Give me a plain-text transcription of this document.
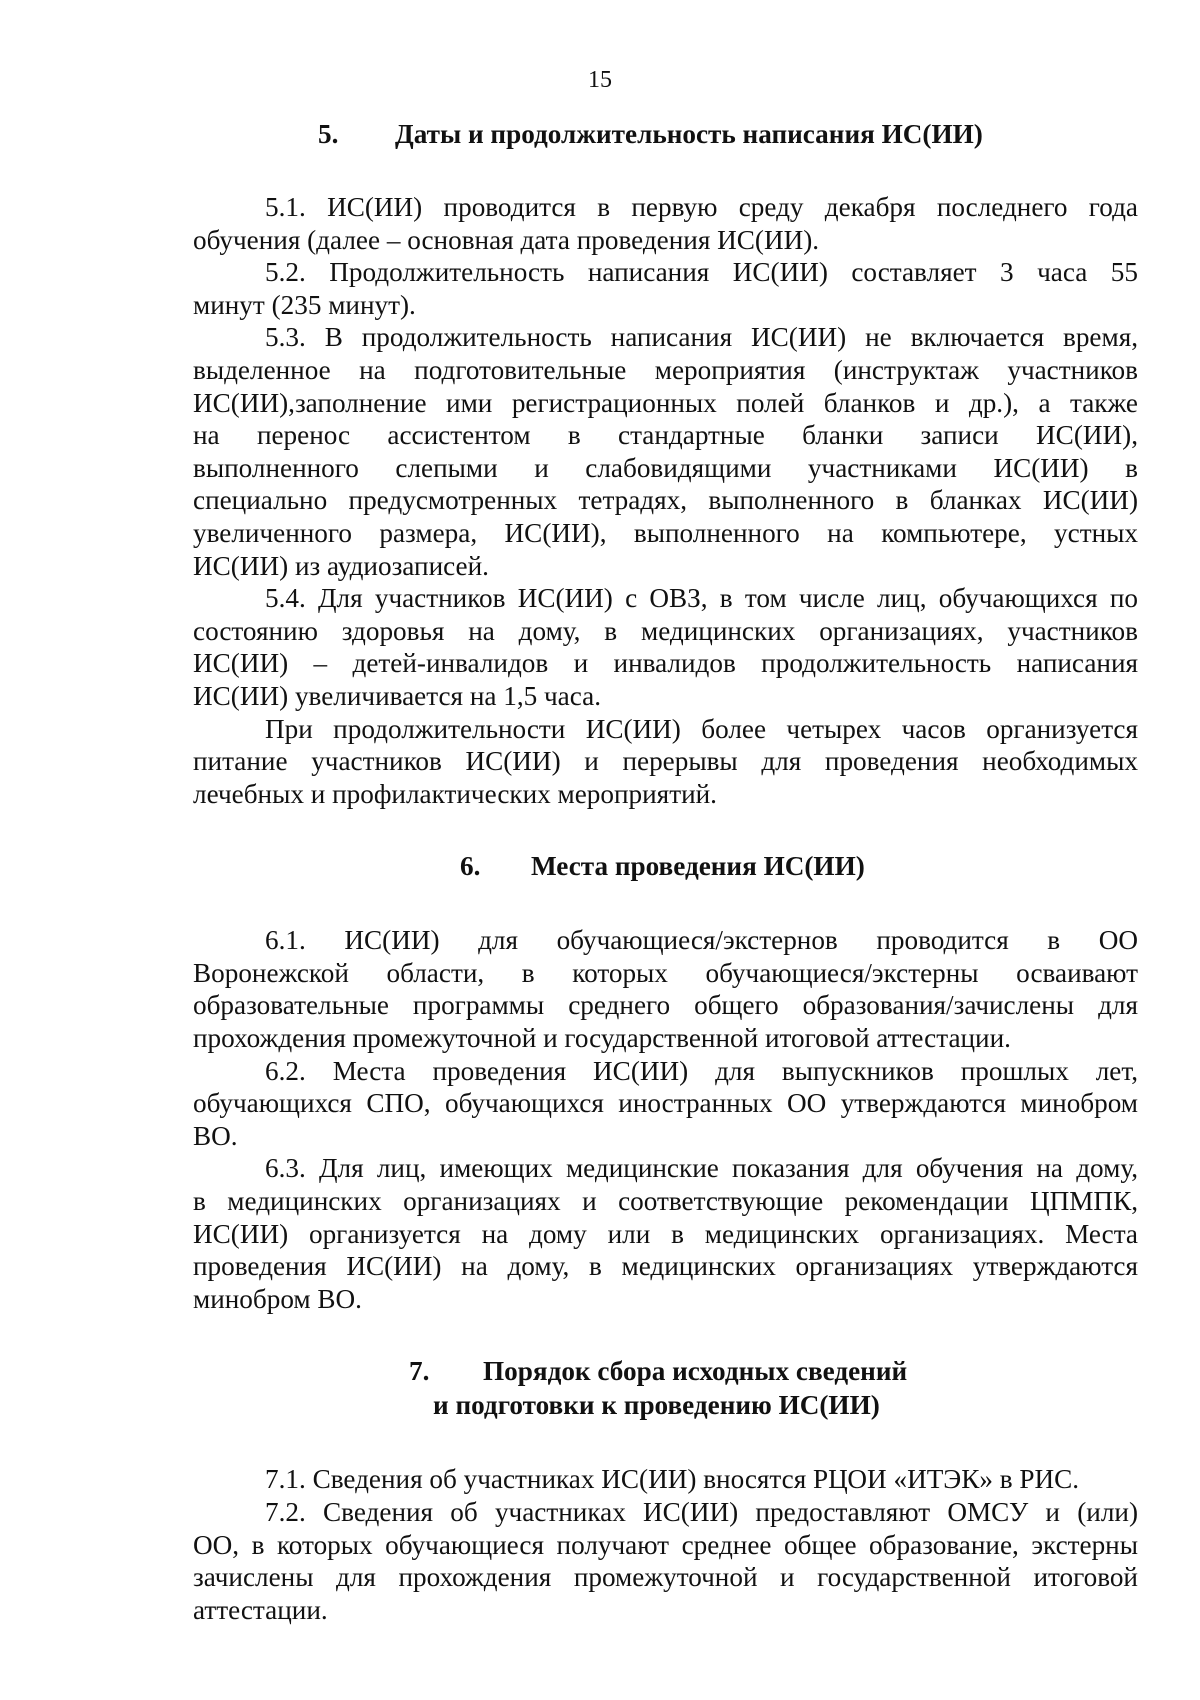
15
5. Даты и продолжительность написания ИС(ИИ)
5.1. ИС(ИИ) проводится в первую среду декабря последнего года
обучения (далее – основная дата проведения ИС(ИИ).
5.2. Продолжительность написания ИС(ИИ) составляет 3 часа 55
минут (235 минут).
5.3. В продолжительность написания ИС(ИИ) не включается время,
выделенное на подготовительные мероприятия (инструктаж участников
ИС(ИИ),заполнение ими регистрационных полей бланков и др.), а также
на перенос ассистентом в стандартные бланки записи ИС(ИИ),
выполненного слепыми и слабовидящими участниками ИС(ИИ) в
специально предусмотренных тетрадях, выполненного в бланках ИС(ИИ)
увеличенного размера, ИС(ИИ), выполненного на компьютере, устных
ИС(ИИ) из аудиозаписей.
5.4. Для участников ИС(ИИ) с ОВЗ, в том числе лиц, обучающихся по
состоянию здоровья на дому, в медицинских организациях, участников
ИС(ИИ) – детей-инвалидов и инвалидов продолжительность написания
ИС(ИИ) увеличивается на 1,5 часа.
При продолжительности ИС(ИИ) более четырех часов организуется
питание участников ИС(ИИ) и перерывы для проведения необходимых
лечебных и профилактических мероприятий.
6. Места проведения ИС(ИИ)
6.1. ИС(ИИ) для обучающиеся/экстернов проводится в ОО
Воронежской области, в которых обучающиеся/экстерны осваивают
образовательные программы среднего общего образования/зачислены для
прохождения промежуточной и государственной итоговой аттестации.
6.2. Места проведения ИС(ИИ) для выпускников прошлых лет,
обучающихся СПО, обучающихся иностранных ОО утверждаются минобром
ВО.
6.3. Для лиц, имеющих медицинские показания для обучения на дому,
в медицинских организациях и соответствующие рекомендации ЦПМПК,
ИС(ИИ) организуется на дому или в медицинских организациях. Места
проведения ИС(ИИ) на дому, в медицинских организациях утверждаются
минобром ВО.
7. Порядок сбора исходных сведений
и подготовки к проведению ИС(ИИ)
7.1. Сведения об участниках ИС(ИИ) вносятся РЦОИ «ИТЭК» в РИС.
7.2. Сведения об участниках ИС(ИИ) предоставляют ОМСУ и (или)
ОО, в которых обучающиеся получают среднее общее образование, экстерны
зачислены для прохождения промежуточной и государственной итоговой
аттестации.
